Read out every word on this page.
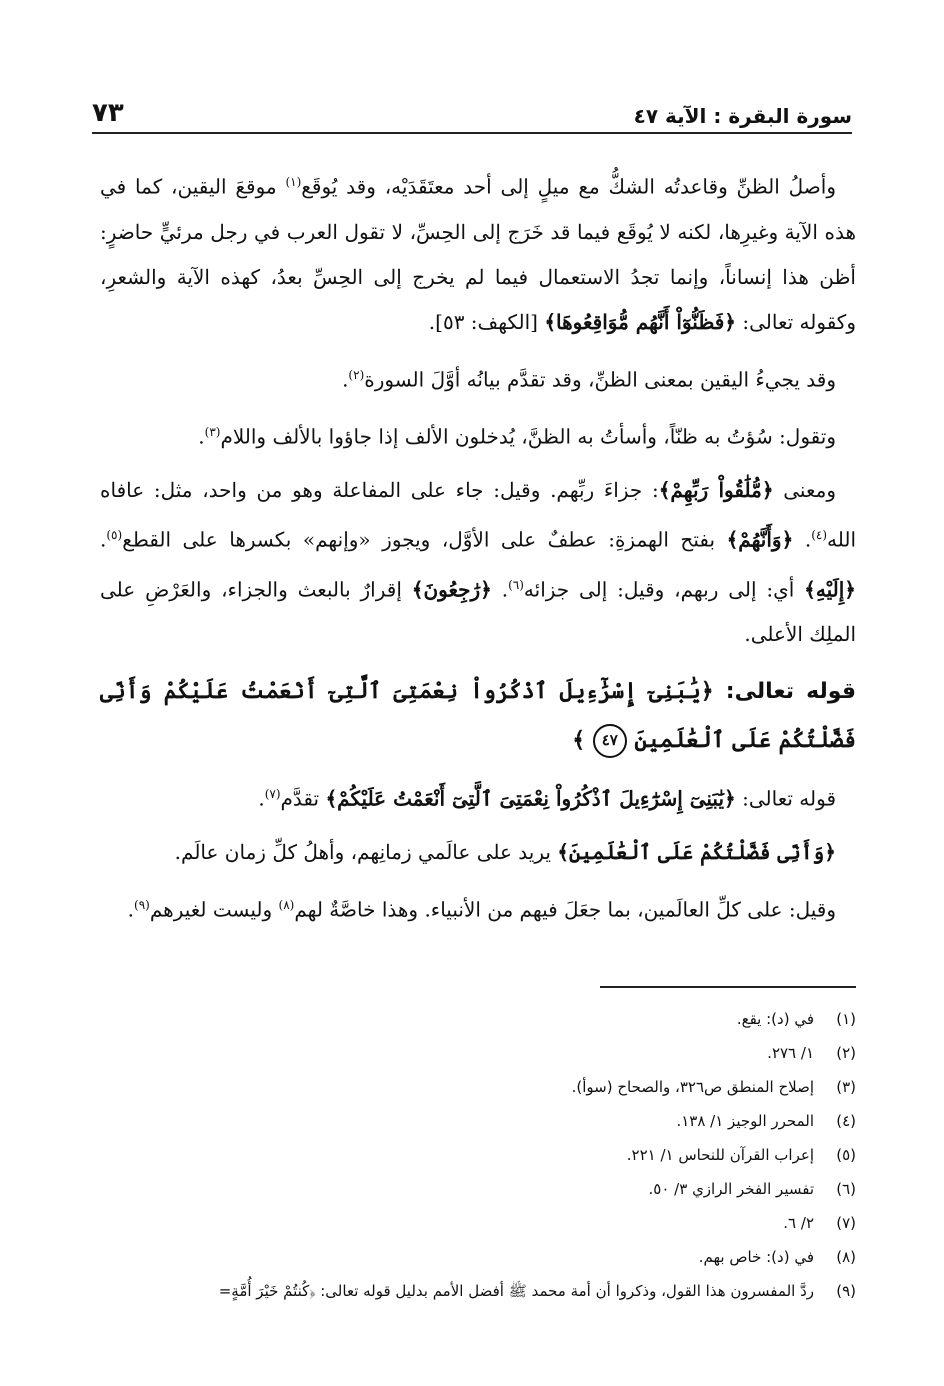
٧٣	سورة البقرة : الآية ٤٧

وأصلُ الظنِّ وقاعدتُه الشكُّ مع ميلٍ إلى أحد معتَقَدَيْه، وقد يُوقَع$^{(١)}$ موقعَ اليقين، كما في هذه الآية وغيرِها، لكنه لا يُوقَع فيما قد خَرَج إلى الحِسِّ، لا تقول العرب في رجل مرئيٍّ حاضرٍ: أظن هذا إنساناً، وإنما تجدُ الاستعمال فيما لم يخرج إلى الحِسِّ بعدُ، كهذه الآية والشعرِ، وكقوله تعالى: ﴿فَظَنُّوٓاْ أَنَّهُم مُّوَاقِعُوهَا﴾ [الكهف: ٥٣].

وقد يجيءُ اليقين بمعنى الظنِّ، وقد تقدَّم بيانُه أوَّلَ السورة$^{(٢)}$.

وتقول: سُؤتُ به ظنّاً، وأسأتُ به الظنَّ، يُدخلون الألف إذا جاؤوا بالألف واللام$^{(٣)}$.

ومعنى ﴿مُّلَٰقُواْ رَبِّهِمْ﴾: جزاءَ ربِّهم. وقيل: جاء على المفاعلة وهو من واحد، مثل: عافاه الله$^{(٤)}$. ﴿وَأَنَّهُمْ﴾ بفتح الهمزةِ: عطفٌ على الأوَّل، ويجوز «وإنهم» بكسرها على القطع$^{(٥)}$. ﴿إِلَيْهِ﴾ أي: إلى ربهم، وقيل: إلى جزائه$^{(٦)}$. ﴿رَٰجِعُونَ﴾ إقرارٌ بالبعث والجزاء، والعَرْضِ على الملِك الأعلى.

قوله تعالى: ﴿يَٰبَنِىٓ إِسْرَٰٓءِيلَ ٱذْكُرُواْ نِعْمَتِىَ ٱلَّتِىٓ أَنْعَمْتُ عَلَيْكُمْ وَأَنِّى فَضَّلْتُكُمْ عَلَى ٱلْعَٰلَمِينَ ٤٧ ﴾

قوله تعالى: ﴿يَٰبَنِىٓ إِسْرَٰٓءِيلَ ٱذْكُرُواْ نِعْمَتِىَ ٱلَّتِىٓ أَنْعَمْتُ عَلَيْكُمْ﴾ تقدَّم$^{(٧)}$.

﴿وَأَنِّى فَضَّلْتُكُمْ عَلَى ٱلْعَٰلَمِينَ﴾ يريد على عالَمي زمانِهم، وأهلُ كلِّ زمان عالَم.

وقيل: على كلِّ العالَمين، بما جعَلَ فيهم من الأنبياء. وهذا خاصَّةٌ لهم$^{(٨)}$ وليست لغيرهم$^{(٩)}$.

(١)
في (د): يقع.
(٢)
١/ ٢٧٦.
(٣)
إصلاح المنطق ص٣٢٦، والصحاح (سوأ).
(٤)
المحرر الوجيز ١/ ١٣٨.
(٥)
إعراب القرآن للنحاس ١/ ٢٢١.
(٦)
تفسير الفخر الرازي ٣/ ٥٠.
(٧)
٢/ ٦.
(٨)
في (د): خاص بهم.
(٩)
ردَّ المفسرون هذا القول، وذكروا أن أمة محمد ﷺ أفضل الأمم بدليل قوله تعالى: ﴿كُنتُمْ خَيْرَ أُمَّةٍ=
